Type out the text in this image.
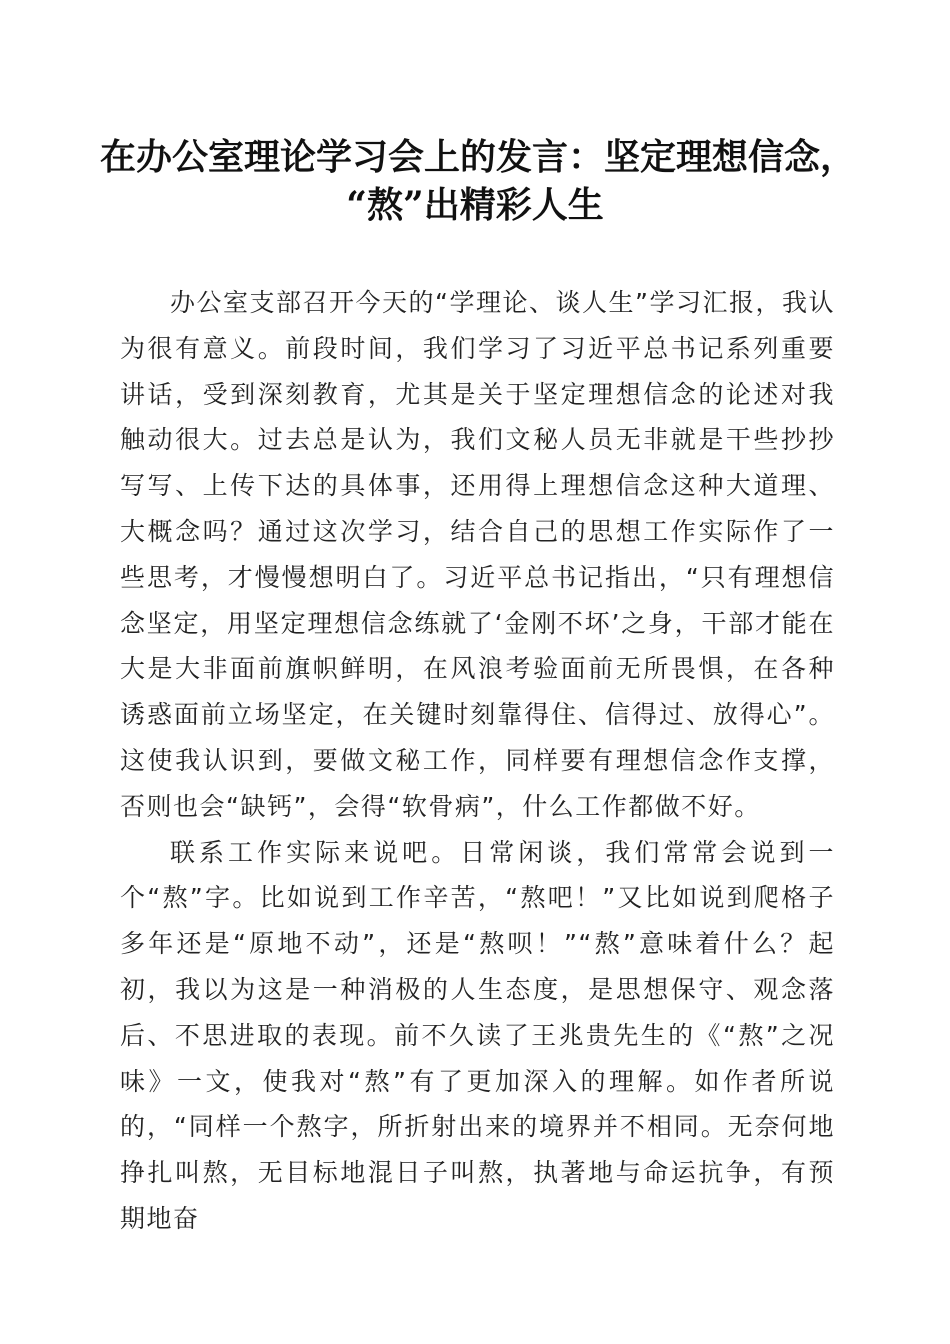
在办公室理论学习会上的发言：坚定理想信念，
“熬”出精彩人生

办公室支部召开今天的“学理论、谈人生”学习汇报，我认为很有意义。前段时间，我们学习了习近平总书记系列重要讲话，受到深刻教育，尤其是关于坚定理想信念的论述对我触动很大。过去总是认为，我们文秘人员无非就是干些抄抄写写、上传下达的具体事，还用得上理想信念这种大道理、大概念吗？通过这次学习，结合自己的思想工作实际作了一些思考，才慢慢想明白了。习近平总书记指出，“只有理想信念坚定，用坚定理想信念练就了‘金刚不坏’之身，干部才能在大是大非面前旗帜鲜明，在风浪考验面前无所畏惧，在各种诱惑面前立场坚定，在关键时刻靠得住、信得过、放得心”。这使我认识到，要做文秘工作，同样要有理想信念作支撑，否则也会“缺钙”，会得“软骨病”，什么工作都做不好。

联系工作实际来说吧。日常闲谈，我们常常会说到一个“熬”字。比如说到工作辛苦，“熬吧！”又比如说到爬格子多年还是“原地不动”，还是“熬呗！”“熬”意味着什么？起初，我以为这是一种消极的人生态度，是思想保守、观念落后、不思进取的表现。前不久读了王兆贵先生的《“熬”之况味》一文，使我对“熬”有了更加深入的理解。如作者所说的，“同样一个熬字，所折射出来的境界并不相同。无奈何地挣扎叫熬，无目标地混日子叫熬，执著地与命运抗争，有预期地奋
